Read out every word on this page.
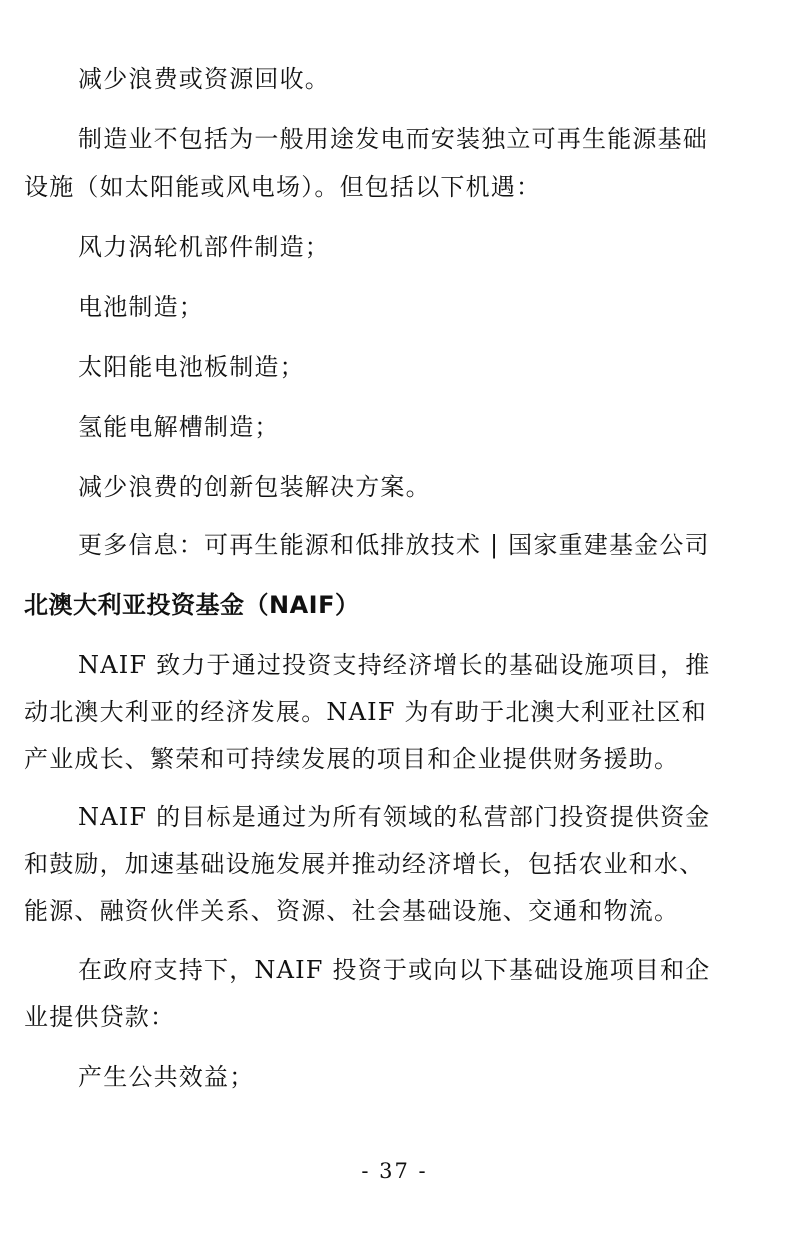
减少浪费或资源回收。
制造业不包括为一般用途发电而安装独立可再生能源基础
设施（如太阳能或风电场）。但包括以下机遇：
风力涡轮机部件制造；
电池制造；
太阳能电池板制造；
氢能电解槽制造；
减少浪费的创新包装解决方案。
更多信息：可再生能源和低排放技术 | 国家重建基金公司
北澳大利亚投资基金（NAIF）
NAIF 致力于通过投资支持经济增长的基础设施项目，推
动北澳大利亚的经济发展。NAIF 为有助于北澳大利亚社区和
产业成长、繁荣和可持续发展的项目和企业提供财务援助。
NAIF 的目标是通过为所有领域的私营部门投资提供资金
和鼓励，加速基础设施发展并推动经济增长，包括农业和水、
能源、融资伙伴关系、资源、社会基础设施、交通和物流。
在政府支持下，NAIF 投资于或向以下基础设施项目和企
业提供贷款：
产生公共效益；
- 37 -
